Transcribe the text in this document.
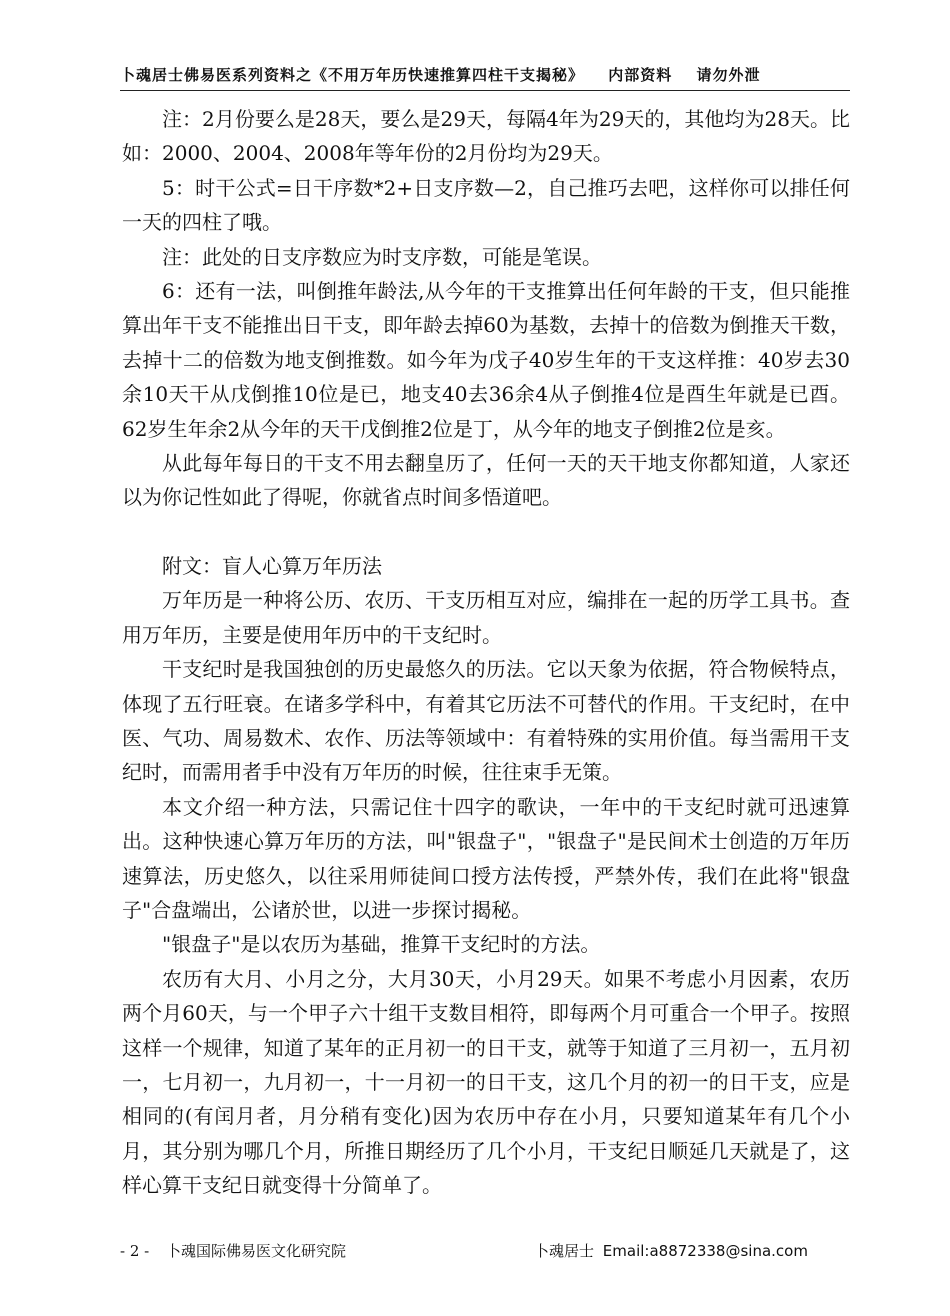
卜魂居士佛易医系列资料之《不用万年历快速推算四柱干支揭秘》 内部资料 请勿外泄

注：2月份要么是28天，要么是29天，每隔4年为29天的，其他均为28天。比如：2000、2004、2008年等年份的2月份均为29天。

5：时干公式=日干序数*2+日支序数—2，自己推巧去吧，这样你可以排任何一天的四柱了哦。

注：此处的日支序数应为时支序数，可能是笔误。

6：还有一法，叫倒推年龄法,从今年的干支推算出任何年龄的干支，但只能推算出年干支不能推出日干支，即年龄去掉60为基数，去掉十的倍数为倒推天干数，去掉十二的倍数为地支倒推数。如今年为戊子40岁生年的干支这样推：40岁去30余10天干从戊倒推10位是已，地支40去36余4从子倒推4位是酉生年就是已酉。62岁生年余2从今年的天干戊倒推2位是丁，从今年的地支子倒推2位是亥。

从此每年每日的干支不用去翻皇历了，任何一天的天干地支你都知道，人家还以为你记性如此了得呢，你就省点时间多悟道吧。

附文：盲人心算万年历法

万年历是一种将公历、农历、干支历相互对应，编排在一起的历学工具书。查用万年历，主要是使用年历中的干支纪时。

干支纪时是我国独创的历史最悠久的历法。它以天象为依据，符合物候特点，体现了五行旺衰。在诸多学科中，有着其它历法不可替代的作用。干支纪时，在中医、气功、周易数术、农作、历法等领域中：有着特殊的实用价值。每当需用干支纪时，而需用者手中没有万年历的时候，往往束手无策。

本文介绍一种方法，只需记住十四字的歌诀，一年中的干支纪时就可迅速算出。这种快速心算万年历的方法，叫"银盘子"，"银盘子"是民间术士创造的万年历速算法，历史悠久，以往采用师徒间口授方法传授，严禁外传，我们在此将"银盘子"合盘端出，公诸於世，以进一步探讨揭秘。

"银盘子"是以农历为基础，推算干支纪时的方法。

农历有大月、小月之分，大月30天，小月29天。如果不考虑小月因素，农历两个月60天，与一个甲子六十组干支数目相符，即每两个月可重合一个甲子。按照这样一个规律，知道了某年的正月初一的日干支，就等于知道了三月初一，五月初一，七月初一，九月初一，十一月初一的日干支，这几个月的初一的日干支，应是相同的(有闰月者，月分稍有变化)因为农历中存在小月，只要知道某年有几个小月，其分别为哪几个月，所推日期经历了几个小月，干支纪日顺延几天就是了，这样心算干支纪日就变得十分简单了。

- 2 - 卜魂国际佛易医文化研究院	卜魂居士 Email:a8872338@sina.com
